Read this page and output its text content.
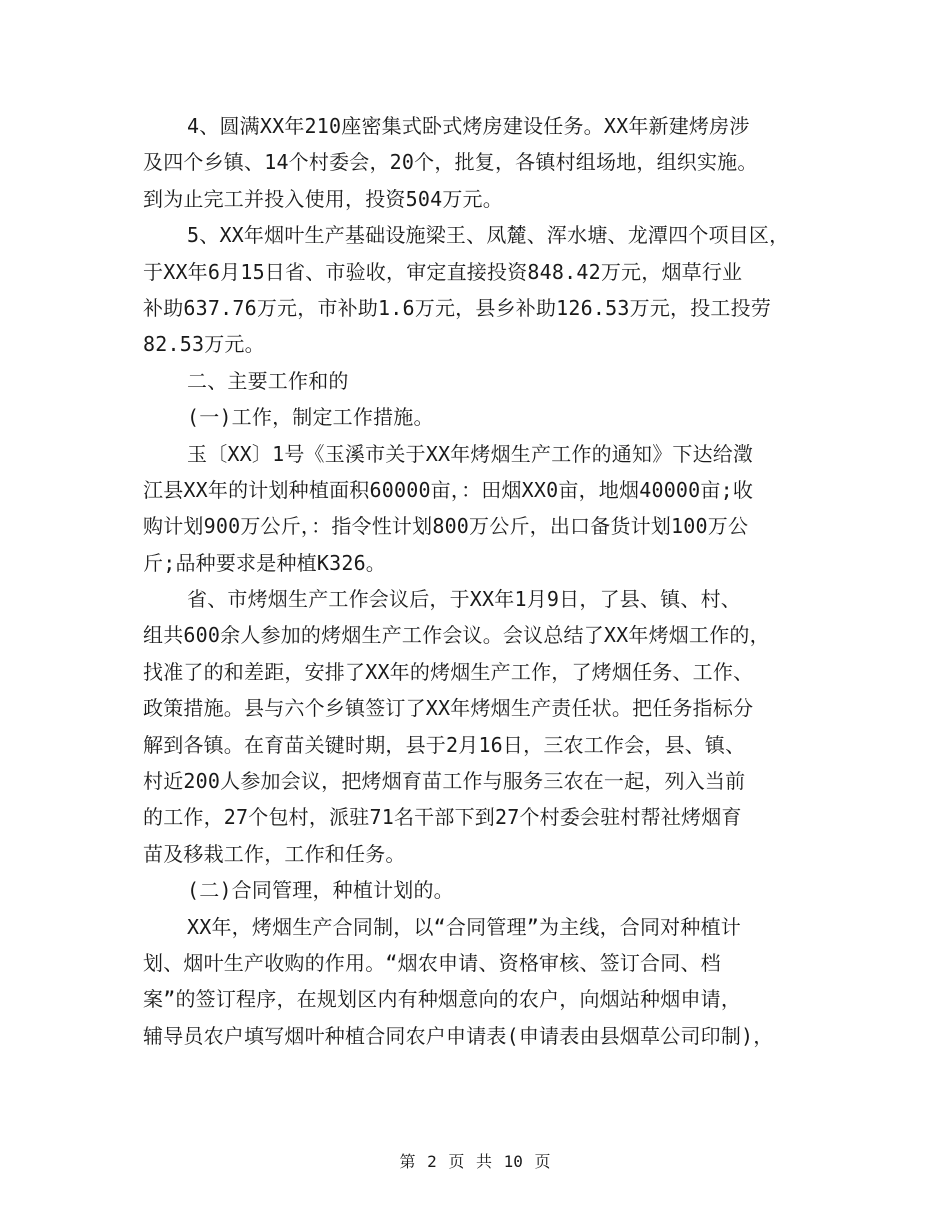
4、圆满XX年210座密集式卧式烤房建设任务。XX年新建烤房涉
及四个乡镇、14个村委会，20个，批复，各镇村组场地，组织实施。
到为止完工并投入使用，投资504万元。
5、XX年烟叶生产基础设施梁王、凤麓、浑水塘、龙潭四个项目区，
于XX年6月15日省、市验收，审定直接投资848.42万元，烟草行业
补助637.76万元，市补助1.6万元，县乡补助126.53万元，投工投劳
82.53万元。
二、主要工作和的
(一)工作，制定工作措施。
玉〔XX〕1号《玉溪市关于XX年烤烟生产工作的通知》下达给澂
江县XX年的计划种植面积60000亩，：田烟XX0亩，地烟40000亩;收
购计划900万公斤，：指令性计划800万公斤，出口备货计划100万公
斤;品种要求是种植K326。
省、市烤烟生产工作会议后，于XX年1月9日，了县、镇、村、
组共600余人参加的烤烟生产工作会议。会议总结了XX年烤烟工作的，
找准了的和差距，安排了XX年的烤烟生产工作，了烤烟任务、工作、
政策措施。县与六个乡镇签订了XX年烤烟生产责任状。把任务指标分
解到各镇。在育苗关键时期，县于2月16日，三农工作会，县、镇、
村近200人参加会议，把烤烟育苗工作与服务三农在一起，列入当前
的工作，27个包村，派驻71名干部下到27个村委会驻村帮社烤烟育
苗及移栽工作，工作和任务。
(二)合同管理，种植计划的。
XX年，烤烟生产合同制，以“合同管理”为主线，合同对种植计
划、烟叶生产收购的作用。“烟农申请、资格审核、签订合同、档
案”的签订程序，在规划区内有种烟意向的农户，向烟站种烟申请，
辅导员农户填写烟叶种植合同农户申请表(申请表由县烟草公司印制)，
第 2 页 共 10 页
